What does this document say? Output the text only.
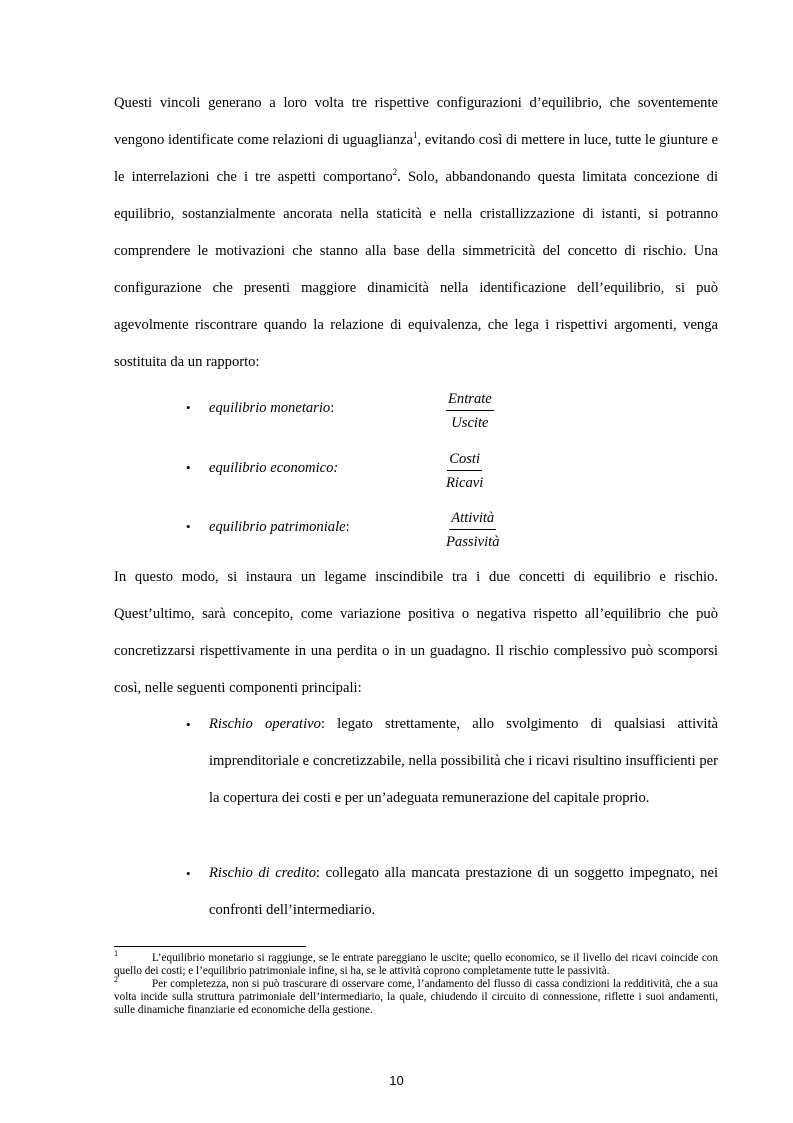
Questi vincoli generano a loro volta tre rispettive configurazioni d’equilibrio, che soventemente vengono identificate come relazioni di uguaglianza$^1$, evitando così di mettere in luce, tutte le giunture e le interrelazioni che i tre aspetti comportano$^2$. Solo, abbandonando questa limitata concezione di equilibrio, sostanzialmente ancorata nella staticità e nella cristallizzazione di istanti, si potranno comprendere le motivazioni che stanno alla base della simmetricità del concetto di rischio. Una configurazione che presenti maggiore dinamicità nella identificazione dell’equilibrio, si può agevolmente riscontrare quando la relazione di equivalenza, che lega i rispettivi argomenti, venga sostituita da un rapporto:

• equilibrio monetario:
Entrate
Uscite
• equilibrio economico:
Costi
Ricavi
• equilibrio patrimoniale:
Attività
Passività

In questo modo, si instaura un legame inscindibile tra i due concetti di equilibrio e rischio. Quest’ultimo, sarà concepito, come variazione positiva o negativa rispetto all’equilibrio che può concretizzarsi rispettivamente in una perdita o in un guadagno. Il rischio complessivo può scomporsi così, nelle seguenti componenti principali:

• Rischio operativo: legato strettamente, allo svolgimento di qualsiasi attività imprenditoriale e concretizzabile, nella possibilità che i ricavi risultino insufficienti per la copertura dei costi e per un’adeguata remunerazione del capitale proprio.
• Rischio di credito: collegato alla mancata prestazione di un soggetto impegnato, nei confronti dell’intermediario.

$^1$	L’equilibrio monetario si raggiunge, se le entrate pareggiano le uscite; quello economico, se il livello dei ricavi coincide con quello dei costi; e l’equilibrio patrimoniale infine, si ha, se le attività coprono completamente tutte le passività.

$^2$	Per completezza, non si può trascurare di osservare come, l’andamento del flusso di cassa condizioni la redditività, che a sua volta incide sulla struttura patrimoniale dell’intermediario, la quale, chiudendo il circuito di connessione, riflette i suoi andamenti, sulle dinamiche finanziarie ed economiche della gestione.

10
